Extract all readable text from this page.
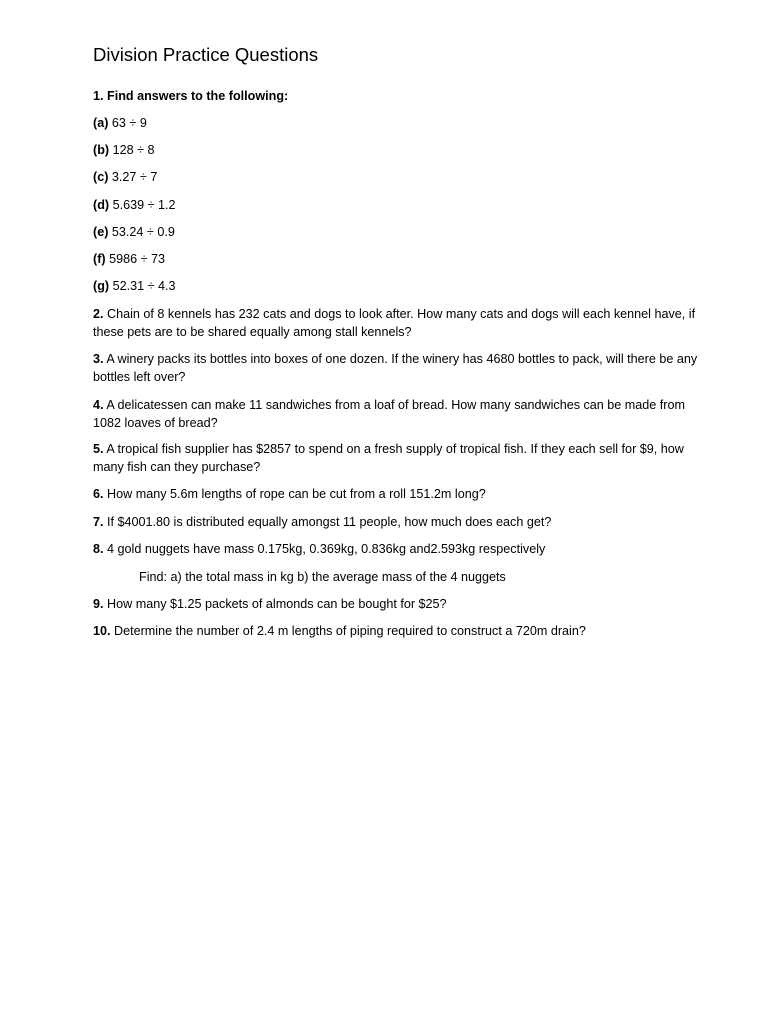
Division Practice Questions
1. Find answers to the following:
(a) 63 ÷ 9
(b) 128 ÷ 8
(c) 3.27 ÷ 7
(d) 5.639 ÷ 1.2
(e) 53.24 ÷ 0.9
(f) 5986 ÷ 73
(g) 52.31 ÷ 4.3
2. Chain of 8 kennels has 232 cats and dogs to look after. How many cats and dogs will each kennel have, if these pets are to be shared equally among stall kennels?
3. A winery packs its bottles into boxes of one dozen. If the winery has 4680 bottles to pack, will there be any bottles left over?
4. A delicatessen can make 11 sandwiches from a loaf of bread. How many sandwiches can be made from 1082 loaves of bread?
5. A tropical fish supplier has $2857 to spend on a fresh supply of tropical fish. If they each sell for $9, how many fish can they purchase?
6. How many 5.6m lengths of rope can be cut from a roll 151.2m long?
7. If $4001.80 is distributed equally amongst 11 people, how much does each get?
8. 4 gold nuggets have mass 0.175kg, 0.369kg, 0.836kg and2.593kg respectively
Find: a) the total mass in kg b) the average mass of the 4 nuggets
9. How many $1.25 packets of almonds can be bought for $25?
10. Determine the number of 2.4 m lengths of piping required to construct a 720m drain?
